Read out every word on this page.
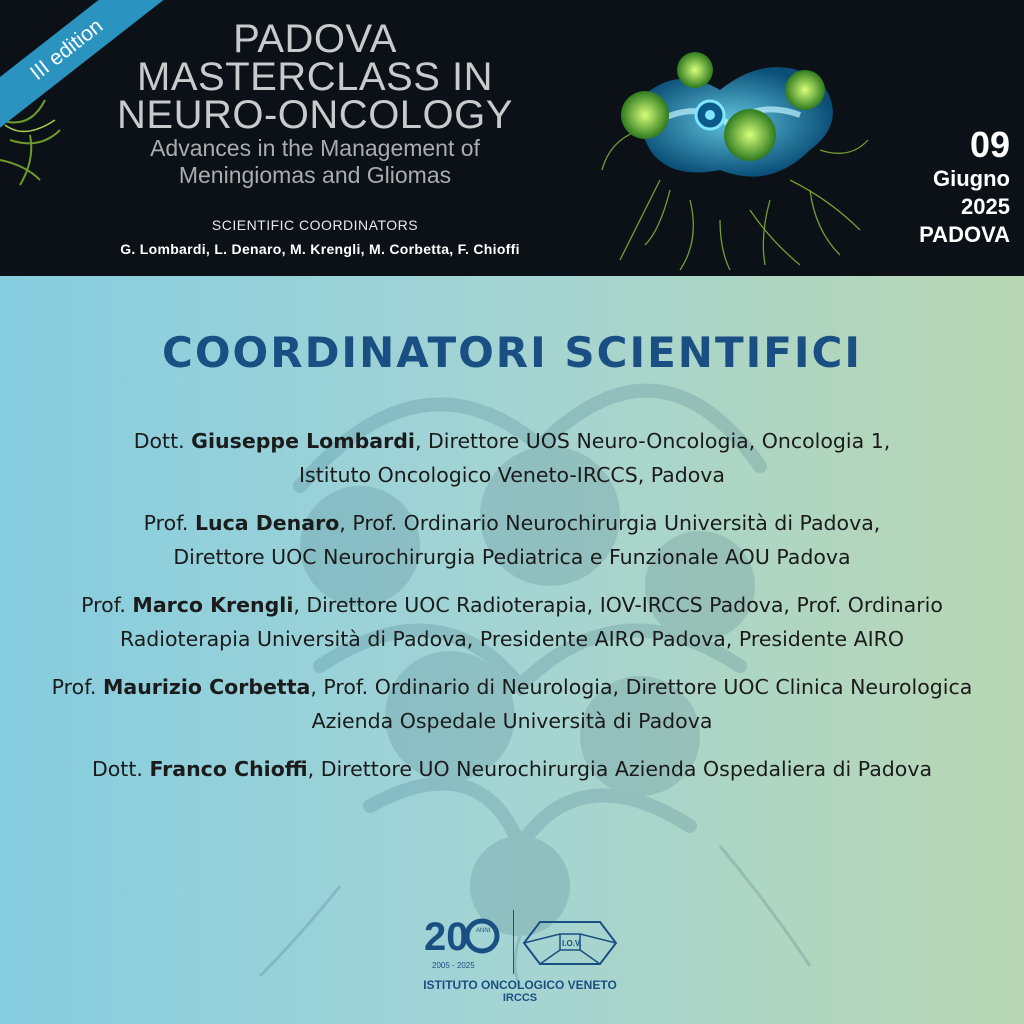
III edition	PADOVA
MASTERCLASS IN
NEURO-ONCOLOGY
Advances in the Management of
Meningiomas and Gliomas
SCIENTIFIC COORDINATORS
G. Lombardi, L. Denaro, M. Krengli, M. Corbetta, F. Chioffi
09
Giugno
2025
PADOVA
COORDINATORI SCIENTIFICI
Dott. Giuseppe Lombardi, Direttore UOS Neuro-Oncologia, Oncologia 1,
Istituto Oncologico Veneto-IRCCS, Padova
Prof. Luca Denaro, Prof. Ordinario Neurochirurgia Università di Padova,
Direttore UOC Neurochirurgia Pediatrica e Funzionale AOU Padova
Prof. Marco Krengli, Direttore UOC Radioterapia, IOV-IRCCS Padova, Prof. Ordinario
Radioterapia Università di Padova, Presidente AIRO Padova, Presidente AIRO
Prof. Maurizio Corbetta, Prof. Ordinario di Neurologia, Direttore UOC Clinica Neurologica
Azienda Ospedale Università di Padova
Dott. Franco Chioffi, Direttore UO Neurochirurgia Azienda Ospedaliera di Padova
20 ANNI
2005 - 2025
I.O.V.
ISTITUTO ONCOLOGICO VENETO
IRCCS
